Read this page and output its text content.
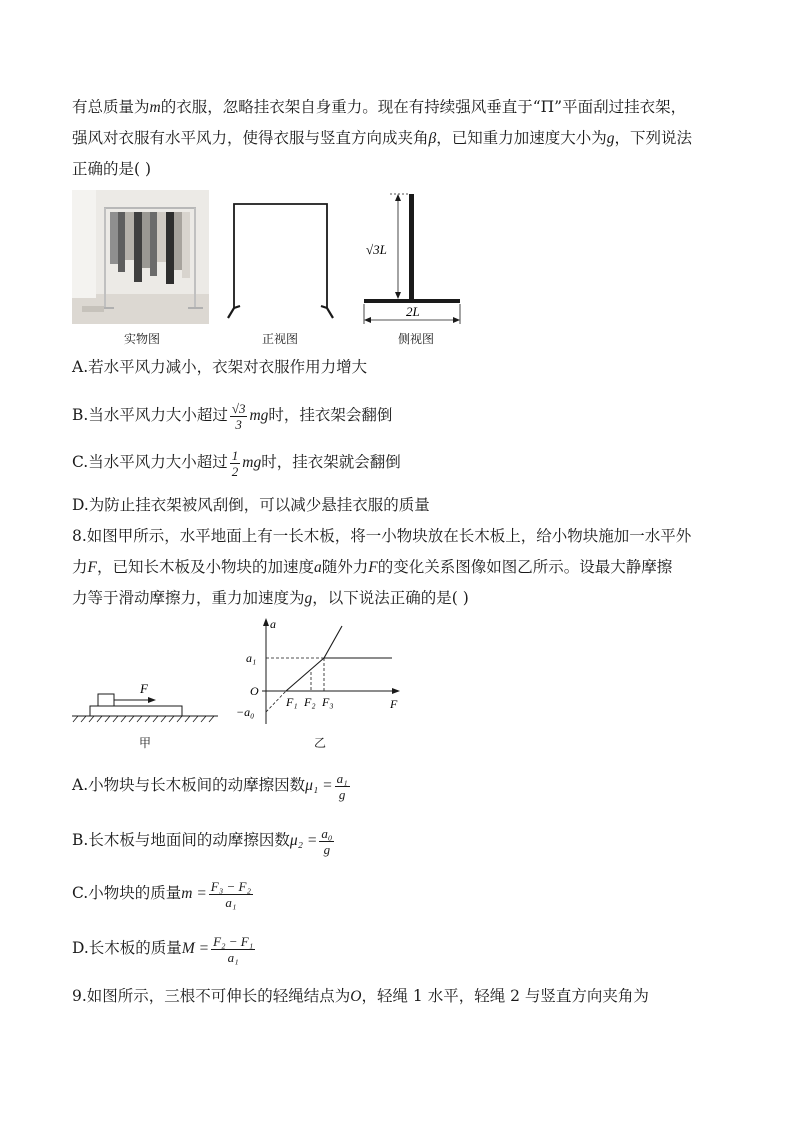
有总质量为m的衣服，忽略挂衣架自身重力。现在有持续强风垂直于“Π”平面刮过挂衣架，
强风对衣服有水平风力，使得衣服与竖直方向成夹角β，已知重力加速度大小为g，下列说法
正确的是( )
√3L
2L
实物图	正视图	侧视图
A.若水平风力减小，衣架对衣服作用力增大
B.当水平风力大小超过 $\frac{√3}{3}$ mg时，挂衣架会翻倒
C.当水平风力大小超过 $\frac{1}{2}$ mg时，挂衣架就会翻倒
D.为防止挂衣架被风刮倒，可以减少悬挂衣服的质量
8.如图甲所示，水平地面上有一长木板，将一小物块放在长木板上，给小物块施加一水平外
力F，已知长木板及小物块的加速度a随外力F的变化关系图像如图乙所示。设最大静摩擦
力等于滑动摩擦力，重力加速度为g，以下说法正确的是( )
F
甲
a
a₁
O
−a₀
F₁ F₂ F₃	F
乙
A.小物块与长木板间的动摩擦因数$\mu_1 = \frac{\text{a₁}}{g}$
B.长木板与地面间的动摩擦因数$\mu_2 = \frac{\text{a₀}}{g}$
C.小物块的质量$m = \frac{\text{F₃ − F₂}}{\text{a₁}}$
D.长木板的质量$M = \frac{\text{F₂ − F₁}}{\text{a₁}}$
9.如图所示，三根不可伸长的轻绳结点为O，轻绳 1 水平，轻绳 2 与竖直方向夹角为
